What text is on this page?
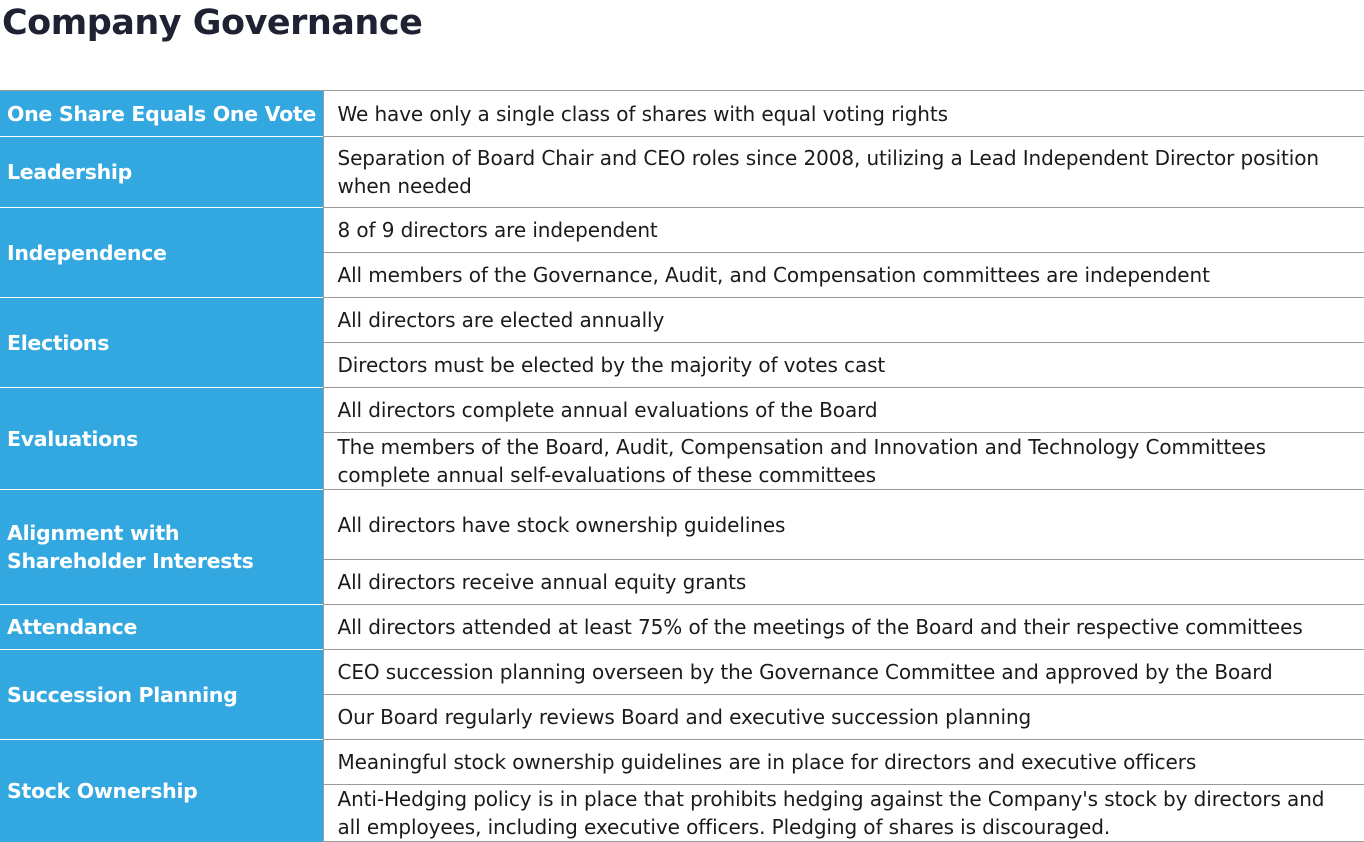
Company Governance
One Share Equals One Vote	We have only a single class of shares with equal voting rights
Leadership	Separation of Board Chair and CEO roles since 2008, utilizing a Lead Independent Director position when needed
Independence	8 of 9 directors are independent
	All members of the Governance, Audit, and Compensation committees are independent
Elections	All directors are elected annually
	Directors must be elected by the majority of votes cast
Evaluations	All directors complete annual evaluations of the Board
	The members of the Board, Audit, Compensation and Innovation and Technology Committees complete annual self-evaluations of these committees
Alignment with Shareholder Interests	All directors have stock ownership guidelines
	All directors receive annual equity grants
Attendance	All directors attended at least 75% of the meetings of the Board and their respective committees
Succession Planning	CEO succession planning overseen by the Governance Committee and approved by the Board
	Our Board regularly reviews Board and executive succession planning
Stock Ownership	Meaningful stock ownership guidelines are in place for directors and executive officers
	Anti-Hedging policy is in place that prohibits hedging against the Company's stock by directors and all employees, including executive officers. Pledging of shares is discouraged.
